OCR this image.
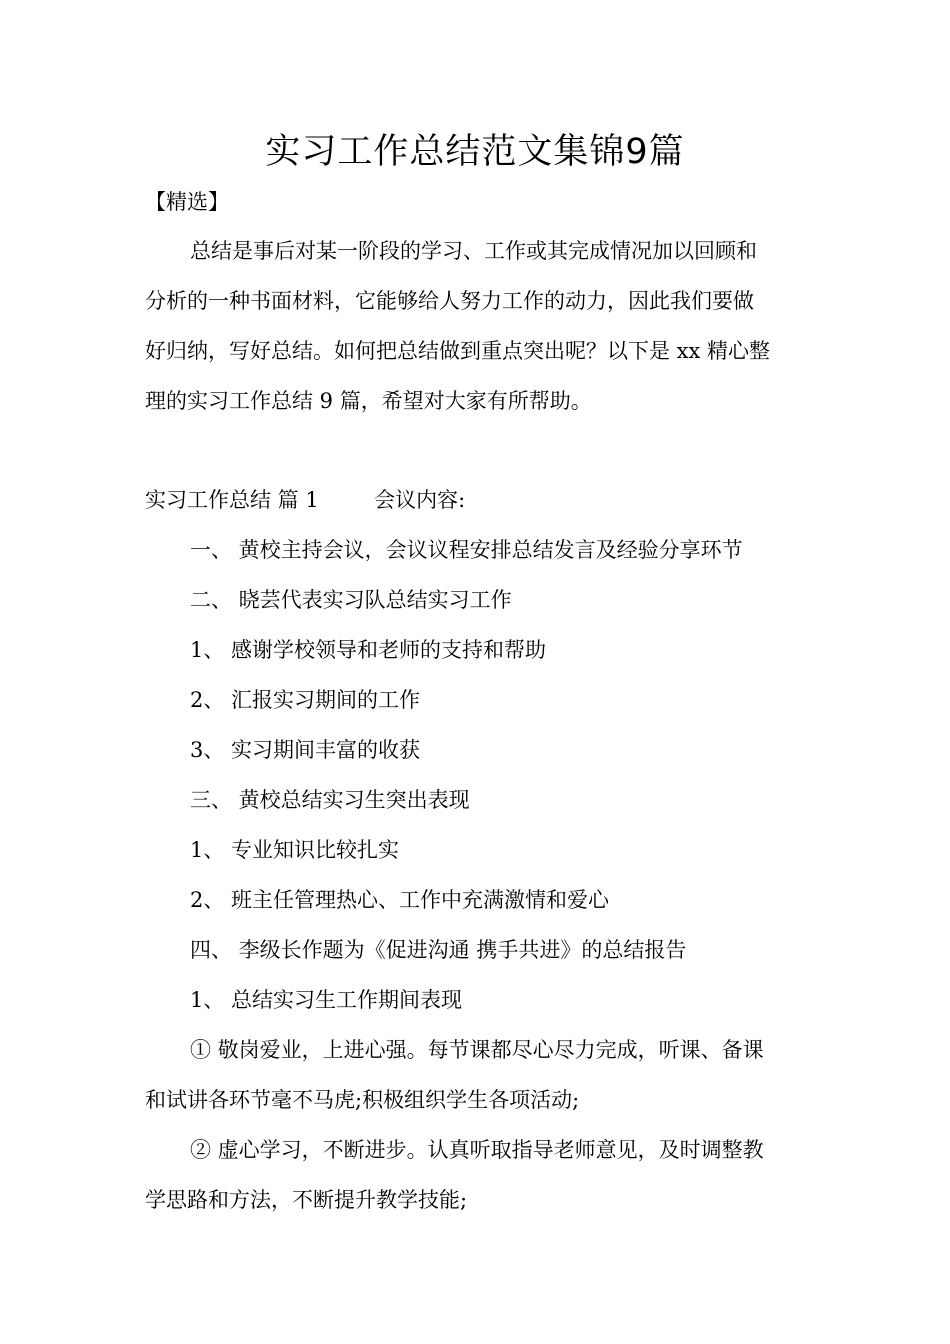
实习工作总结范文集锦9篇
【精选】
总结是事后对某一阶段的学习、工作或其完成情况加以回顾和
分析的一种书面材料，它能够给人努力工作的动力，因此我们要做
好归纳，写好总结。如何把总结做到重点突出呢？以下是 xx 精心整
理的实习工作总结 9 篇，希望对大家有所帮助。
实习工作总结 篇 1	会议内容:
一、 黄校主持会议，会议议程安排总结发言及经验分享环节
二、 晓芸代表实习队总结实习工作
1、 感谢学校领导和老师的支持和帮助
2、 汇报实习期间的工作
3、 实习期间丰富的收获
三、 黄校总结实习生突出表现
1、 专业知识比较扎实
2、 班主任管理热心、工作中充满激情和爱心
四、 李级长作题为《促进沟通 携手共进》的总结报告
1、 总结实习生工作期间表现
① 敬岗爱业，上进心强。每节课都尽心尽力完成，听课、备课
和试讲各环节毫不马虎;积极组织学生各项活动;
② 虚心学习，不断进步。认真听取指导老师意见，及时调整教
学思路和方法，不断提升教学技能;
